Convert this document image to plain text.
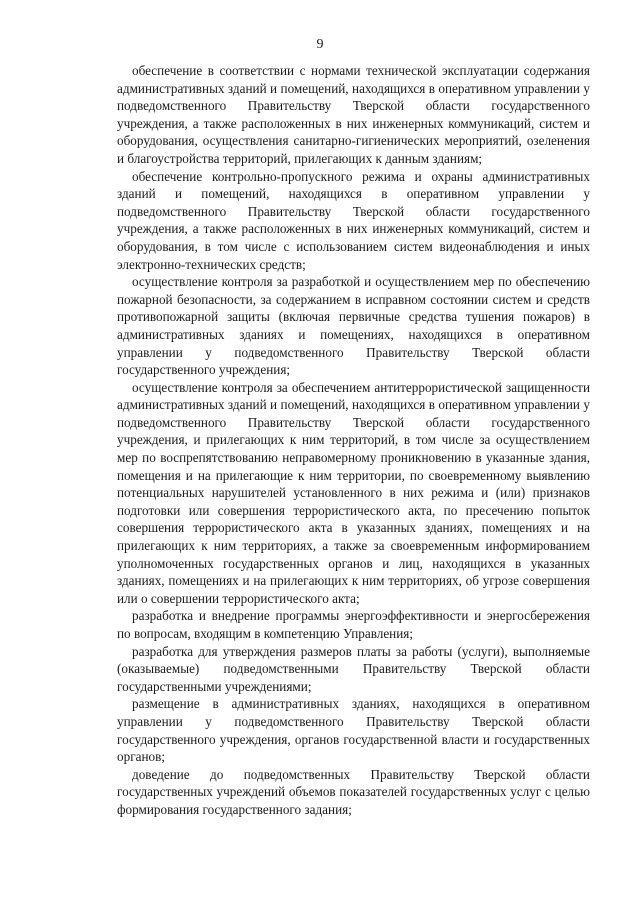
9

обеспечение в соответствии с нормами технической эксплуатации содержания административных зданий и помещений, находящихся в оперативном управлении у подведомственного Правительству Тверской области государственного учреждения, а также расположенных в них инженерных коммуникаций, систем и оборудования, осуществления санитарно-гигиенических мероприятий, озеленения и благоустройства территорий, прилегающих к данным зданиям;

обеспечение контрольно-пропускного режима и охраны административных зданий и помещений, находящихся в оперативном управлении у подведомственного Правительству Тверской области государственного учреждения, а также расположенных в них инженерных коммуникаций, систем и оборудования, в том числе с использованием систем видеонаблюдения и иных электронно-технических средств;

осуществление контроля за разработкой и осуществлением мер по обеспечению пожарной безопасности, за содержанием в исправном состоянии систем и средств противопожарной защиты (включая первичные средства тушения пожаров) в административных зданиях и помещениях, находящихся в оперативном управлении у подведомственного Правительству Тверской области государственного учреждения;

осуществление контроля за обеспечением антитеррористической защищенности административных зданий и помещений, находящихся в оперативном управлении у подведомственного Правительству Тверской области государственного учреждения, и прилегающих к ним территорий, в том числе за осуществлением мер по воспрепятствованию неправомерному проникновению в указанные здания, помещения и на прилегающие к ним территории, по своевременному выявлению потенциальных нарушителей установленного в них режима и (или) признаков подготовки или совершения террористического акта, по пресечению попыток совершения террористического акта в указанных зданиях, помещениях и на прилегающих к ним территориях, а также за своевременным информированием уполномоченных государственных органов и лиц, находящихся в указанных зданиях, помещениях и на прилегающих к ним территориях, об угрозе совершения или о совершении террористического акта;

разработка и внедрение программы энергоэффективности и энергосбережения по вопросам, входящим в компетенцию Управления;

разработка для утверждения размеров платы за работы (услуги), выполняемые (оказываемые) подведомственными Правительству Тверской области государственными учреждениями;

размещение в административных зданиях, находящихся в оперативном управлении у подведомственного Правительству Тверской области государственного учреждения, органов государственной власти и государственных органов;

доведение до подведомственных Правительству Тверской области государственных учреждений объемов показателей государственных услуг с целью формирования государственного задания;
